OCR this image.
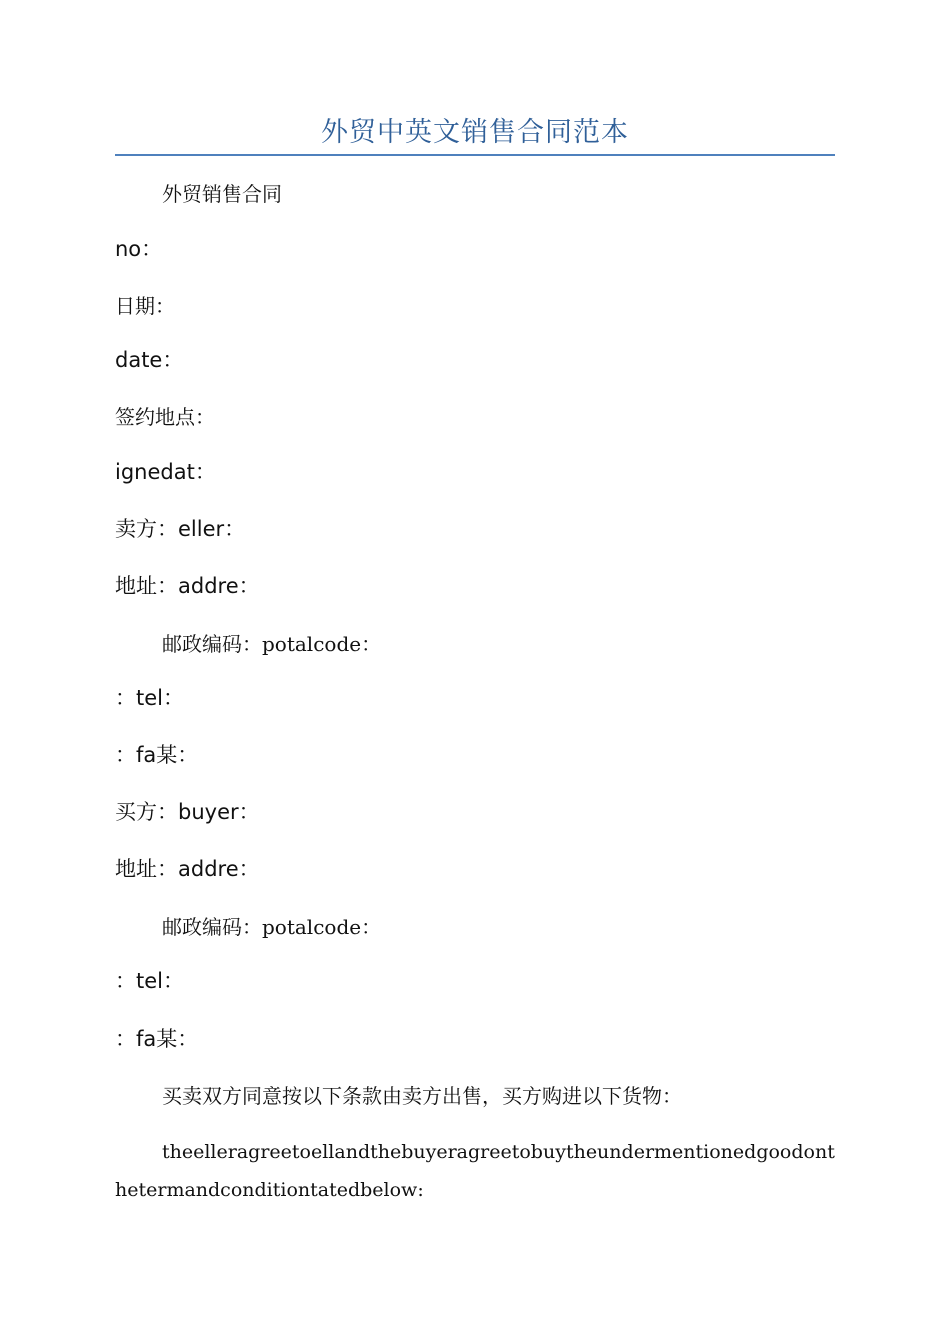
外贸中英文销售合同范本
外贸销售合同
no：
日期：
date：
签约地点：
ignedat：
卖方：eller：
地址：addre：
邮政编码：potalcode：
：tel：
：fa某：
买方：buyer：
地址：addre：
邮政编码：potalcode：
：tel：
：fa某：
买卖双方同意按以下条款由卖方出售，买方购进以下货物：
theelleragreetoellandthebuyeragreetobuytheundermentionedgoodonthetermandconditiontatedbelow:
